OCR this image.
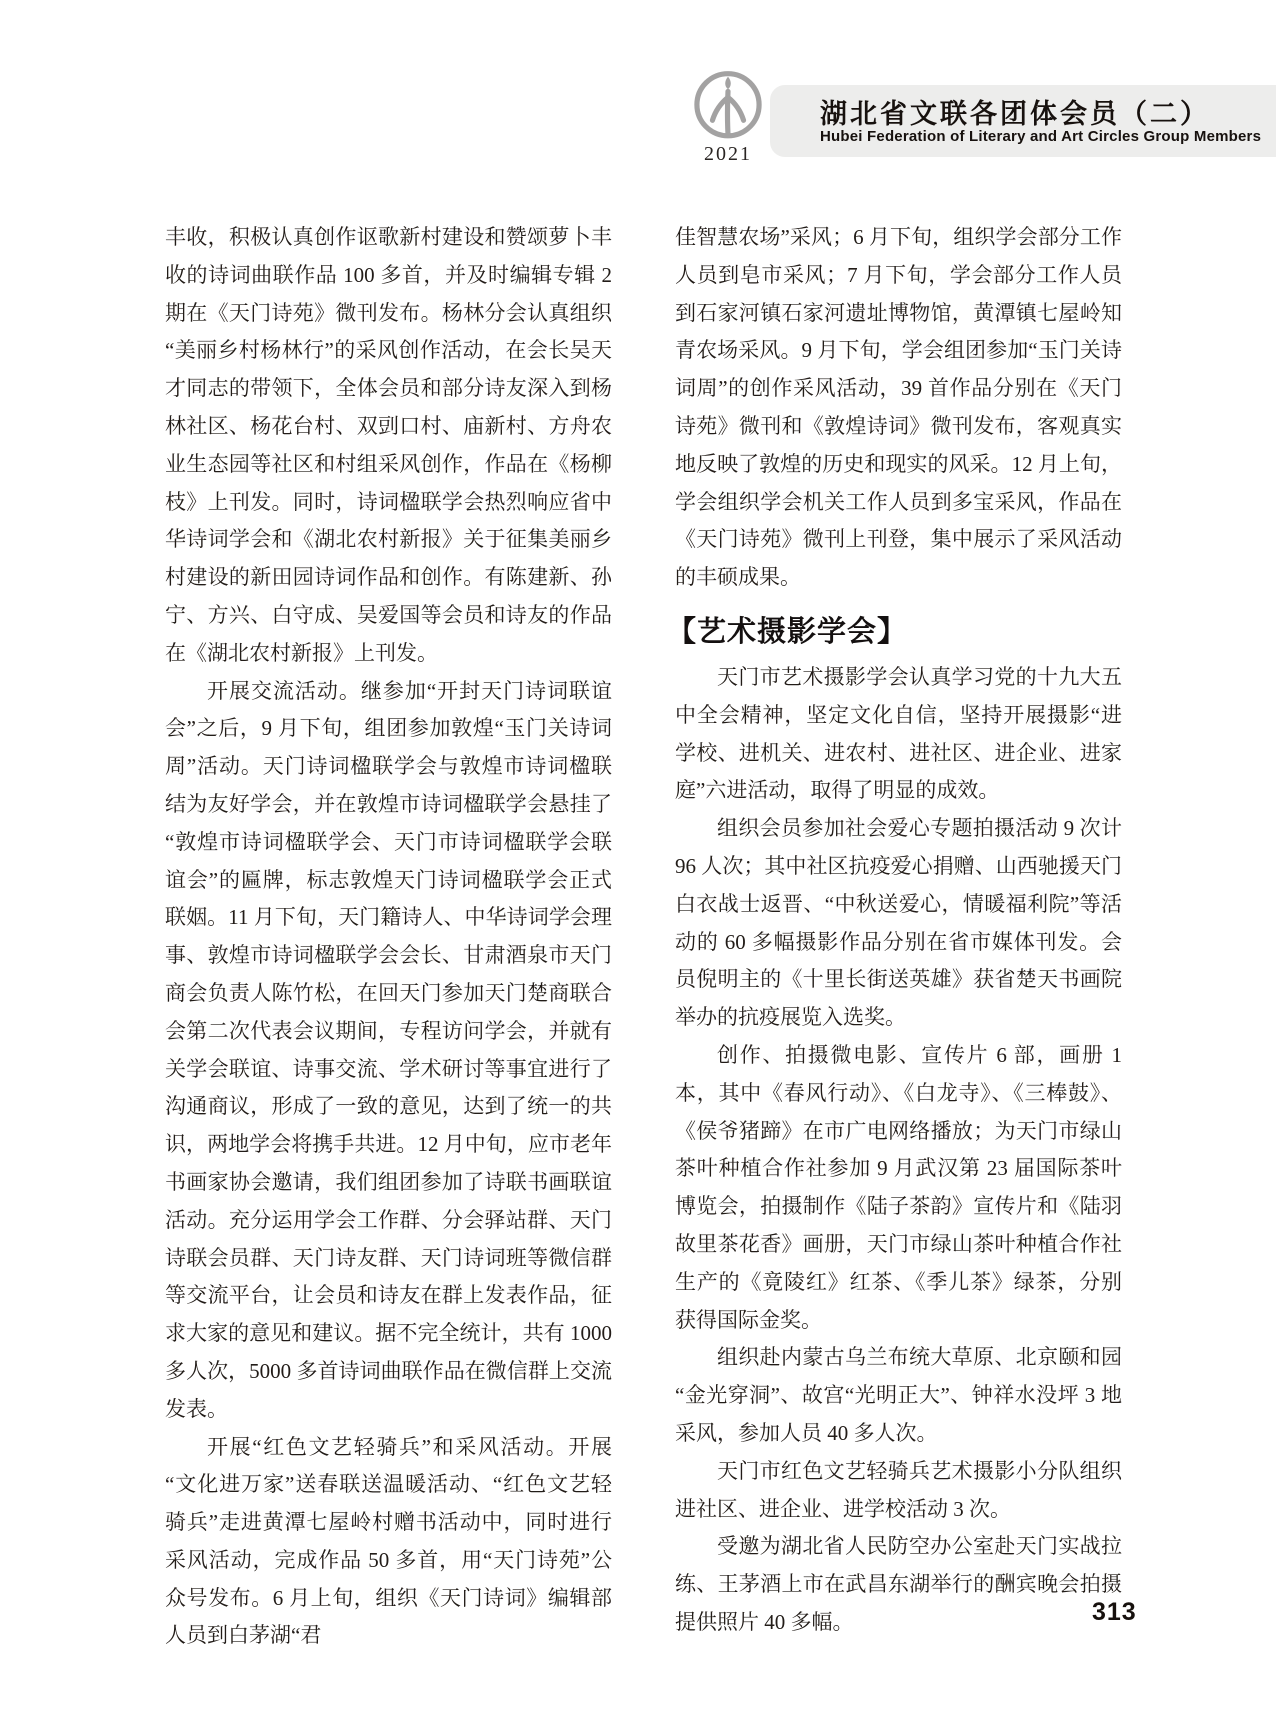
2021
湖北省文联各团体会员（二）
Hubei Federation of Literary and Art Circles Group Members

丰收，积极认真创作讴歌新村建设和赞颂萝卜丰收的诗词曲联作品 100 多首，并及时编辑专辑 2 期在《天门诗苑》微刊发布。杨林分会认真组织“美丽乡村杨林行”的采风创作活动，在会长吴天才同志的带领下，全体会员和部分诗友深入到杨林社区、杨花台村、双剅口村、庙新村、方舟农业生态园等社区和村组采风创作，作品在《杨柳枝》上刊发。同时，诗词楹联学会热烈响应省中华诗词学会和《湖北农村新报》关于征集美丽乡村建设的新田园诗词作品和创作。有陈建新、孙宁、方兴、白守成、吴爱国等会员和诗友的作品在《湖北农村新报》上刊发。

开展交流活动。继参加“开封天门诗词联谊会”之后，9 月下旬，组团参加敦煌“玉门关诗词周”活动。天门诗词楹联学会与敦煌市诗词楹联结为友好学会，并在敦煌市诗词楹联学会悬挂了“敦煌市诗词楹联学会、天门市诗词楹联学会联谊会”的匾牌，标志敦煌天门诗词楹联学会正式联姻。11 月下旬，天门籍诗人、中华诗词学会理事、敦煌市诗词楹联学会会长、甘肃酒泉市天门商会负责人陈竹松，在回天门参加天门楚商联合会第二次代表会议期间，专程访问学会，并就有关学会联谊、诗事交流、学术研讨等事宜进行了沟通商议，形成了一致的意见，达到了统一的共识，两地学会将携手共进。12 月中旬，应市老年书画家协会邀请，我们组团参加了诗联书画联谊活动。充分运用学会工作群、分会驿站群、天门诗联会员群、天门诗友群、天门诗词班等微信群等交流平台，让会员和诗友在群上发表作品，征求大家的意见和建议。据不完全统计，共有 1000 多人次，5000 多首诗词曲联作品在微信群上交流发表。

开展“红色文艺轻骑兵”和采风活动。开展“文化进万家”送春联送温暖活动、“红色文艺轻骑兵”走进黄潭七屋岭村赠书活动中，同时进行采风活动，完成作品 50 多首，用“天门诗苑”公众号发布。6 月上旬，组织《天门诗词》编辑部人员到白茅湖“君

佳智慧农场”采风；6 月下旬，组织学会部分工作人员到皂市采风；7 月下旬，学会部分工作人员到石家河镇石家河遗址博物馆，黄潭镇七屋岭知青农场采风。9 月下旬，学会组团参加“玉门关诗词周”的创作采风活动，39 首作品分别在《天门诗苑》微刊和《敦煌诗词》微刊发布，客观真实地反映了敦煌的历史和现实的风采。12 月上旬，学会组织学会机关工作人员到多宝采风，作品在《天门诗苑》微刊上刊登，集中展示了采风活动的丰硕成果。

【艺术摄影学会】

天门市艺术摄影学会认真学习党的十九大五中全会精神，坚定文化自信，坚持开展摄影“进学校、进机关、进农村、进社区、进企业、进家庭”六进活动，取得了明显的成效。

组织会员参加社会爱心专题拍摄活动 9 次计 96 人次；其中社区抗疫爱心捐赠、山西驰援天门白衣战士返晋、“中秋送爱心，情暖福利院”等活动的 60 多幅摄影作品分别在省市媒体刊发。会员倪明主的《十里长街送英雄》获省楚天书画院举办的抗疫展览入选奖。

创作、拍摄微电影、宣传片 6 部，画册 1 本，其中《春风行动》、《白龙寺》、《三棒鼓》、《侯爷猪蹄》在市广电网络播放；为天门市绿山茶叶种植合作社参加 9 月武汉第 23 届国际茶叶博览会，拍摄制作《陆子茶韵》宣传片和《陆羽故里茶花香》画册，天门市绿山茶叶种植合作社生产的《竟陵红》红茶、《季儿茶》绿茶，分别获得国际金奖。

组织赴内蒙古乌兰布统大草原、北京颐和园“金光穿洞”、故宫“光明正大”、钟祥水没坪 3 地采风，参加人员 40 多人次。

天门市红色文艺轻骑兵艺术摄影小分队组织进社区、进企业、进学校活动 3 次。

受邀为湖北省人民防空办公室赴天门实战拉练、王茅酒上市在武昌东湖举行的酬宾晚会拍摄提供照片 40 多幅。	313
